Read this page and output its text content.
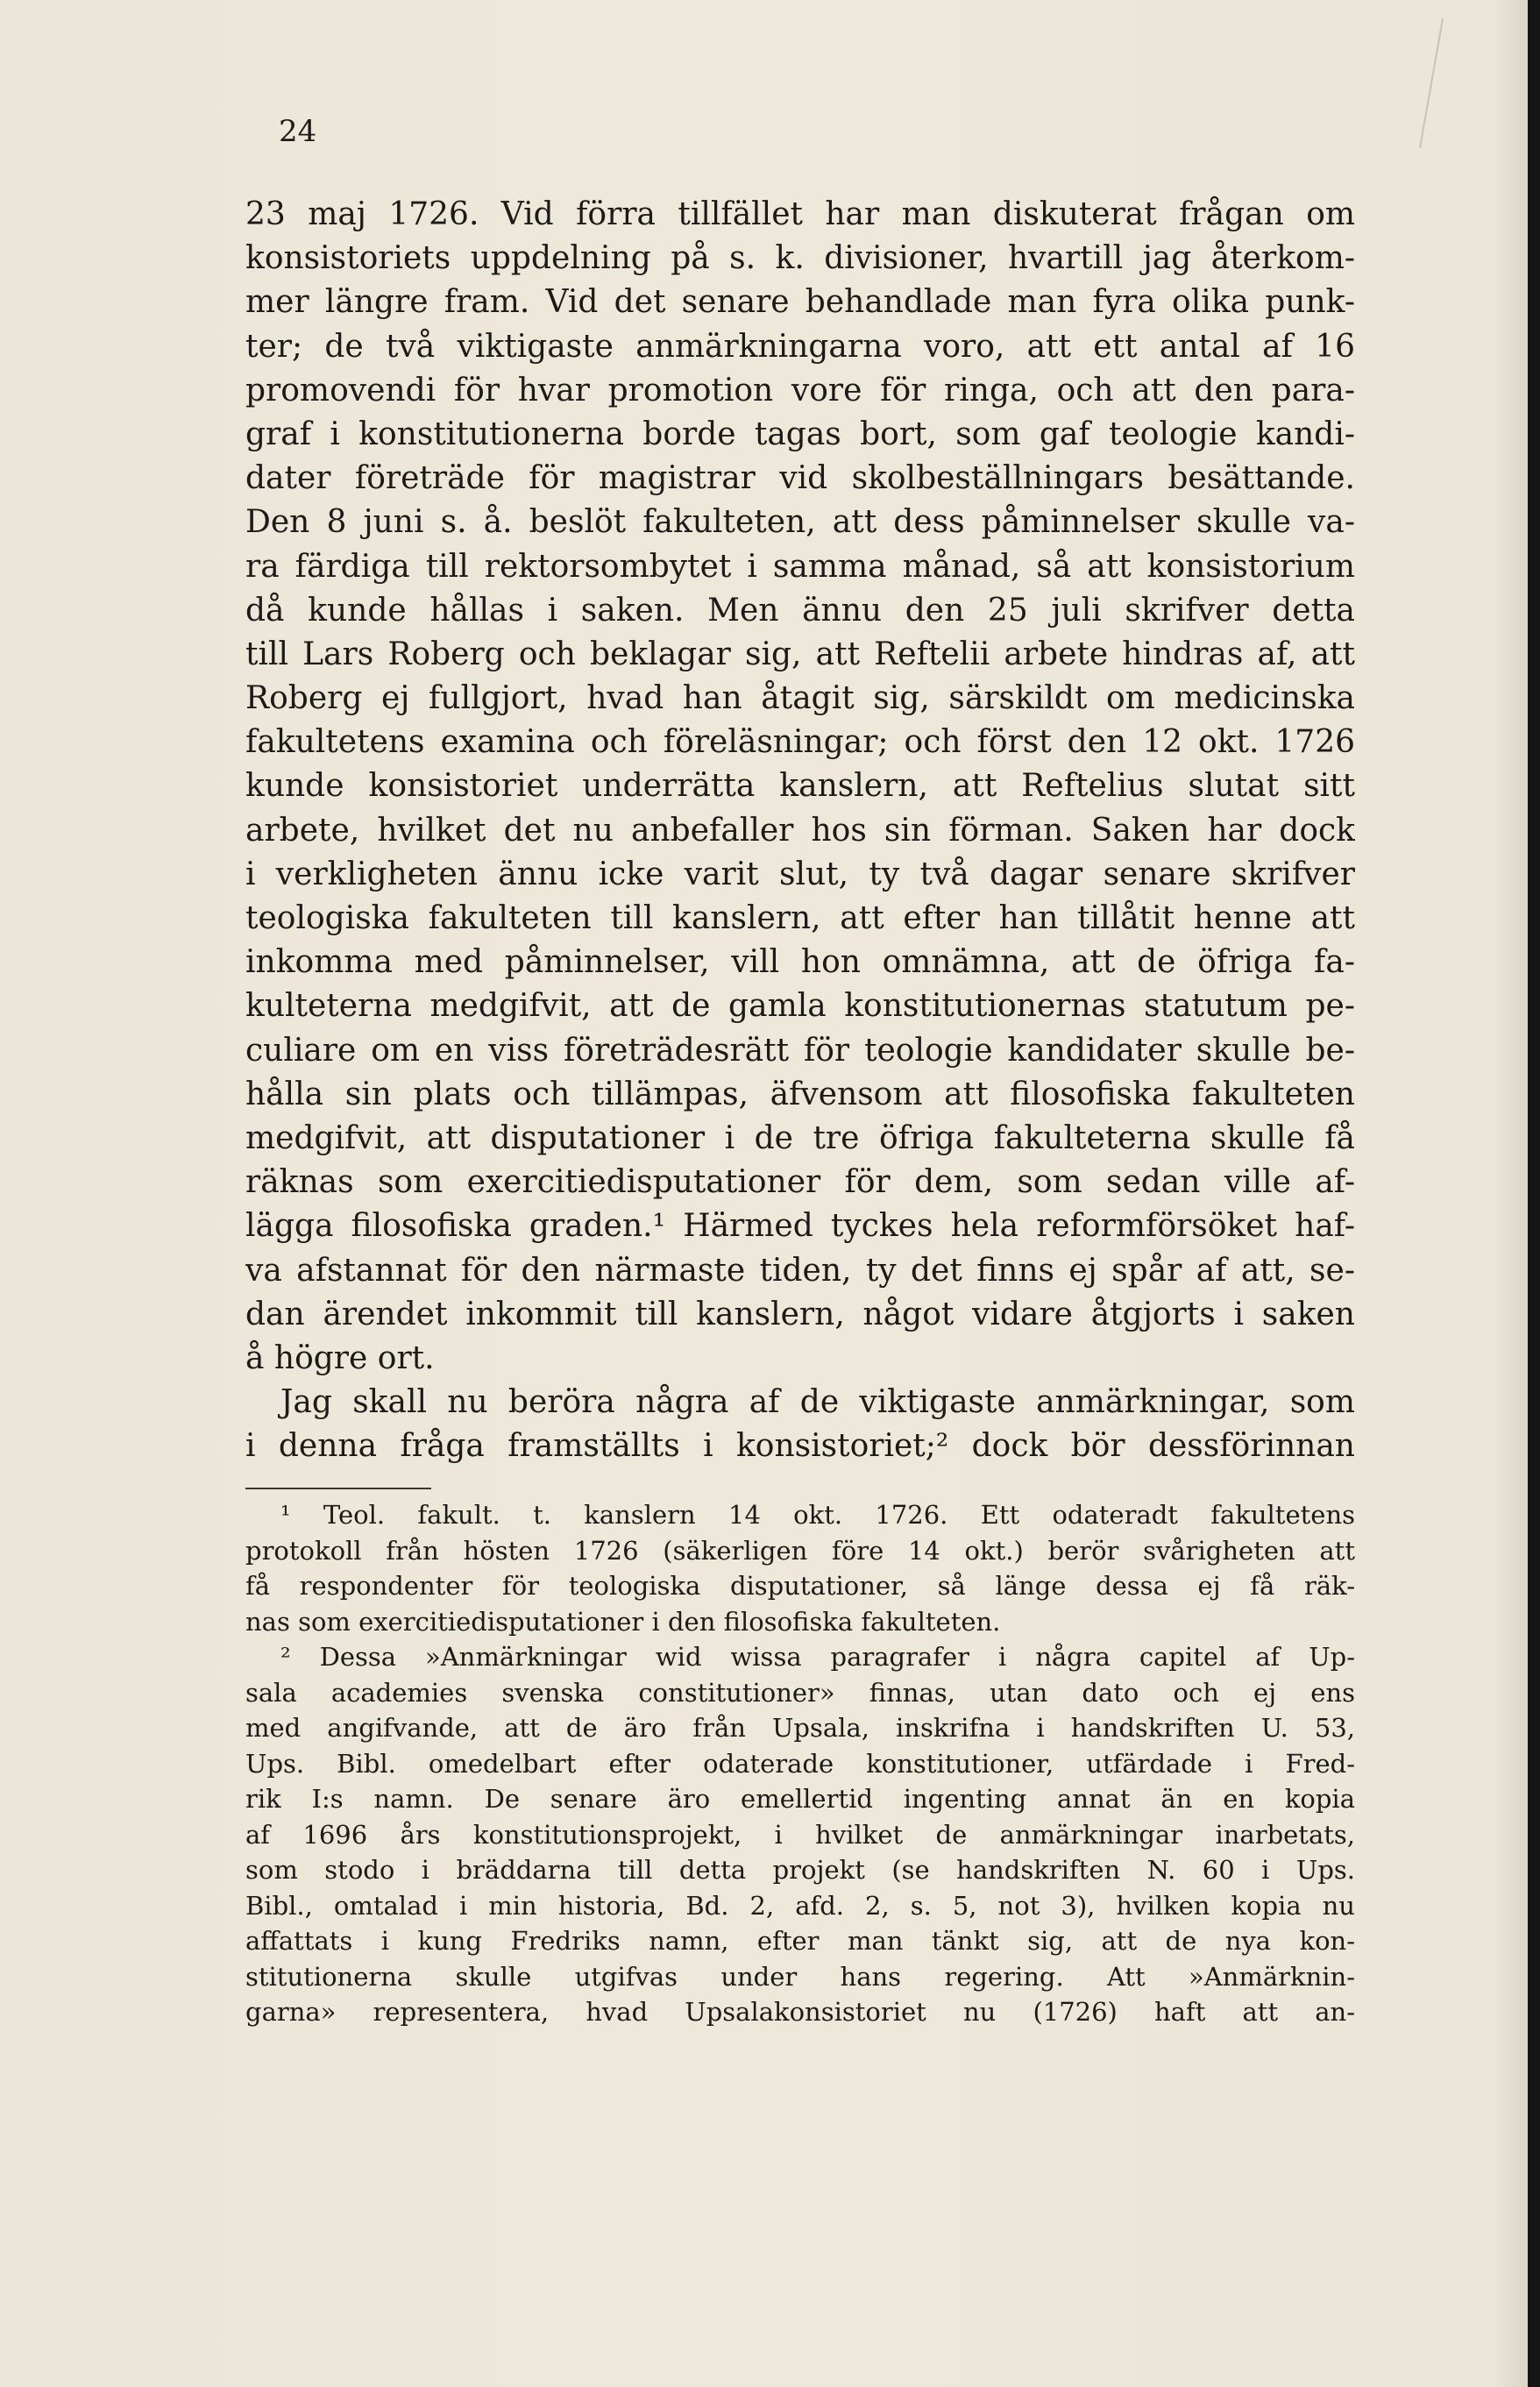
24
23 maj 1726. Vid förra tillfället har man diskuterat frågan om
konsistoriets uppdelning på s. k. divisioner, hvartill jag återkom-
mer längre fram. Vid det senare behandlade man fyra olika punk-
ter; de två viktigaste anmärkningarna voro, att ett antal af 16
promovendi för hvar promotion vore för ringa, och att den para-
graf i konstitutionerna borde tagas bort, som gaf teologie kandi-
dater företräde för magistrar vid skolbeställningars besättande.
Den 8 juni s. å. beslöt fakulteten, att dess påminnelser skulle va-
ra färdiga till rektorsombytet i samma månad, så att konsistorium
då kunde hållas i saken. Men ännu den 25 juli skrifver detta
till Lars Roberg och beklagar sig, att Reftelii arbete hindras af, att
Roberg ej fullgjort, hvad han åtagit sig, särskildt om medicinska
fakultetens examina och föreläsningar; och först den 12 okt. 1726
kunde konsistoriet underrätta kanslern, att Reftelius slutat sitt
arbete, hvilket det nu anbefaller hos sin förman. Saken har dock
i verkligheten ännu icke varit slut, ty två dagar senare skrifver
teologiska fakulteten till kanslern, att efter han tillåtit henne att
inkomma med påminnelser, vill hon omnämna, att de öfriga fa-
kulteterna medgifvit, att de gamla konstitutionernas statutum pe-
culiare om en viss företrädesrätt för teologie kandidater skulle be-
hålla sin plats och tillämpas, äfvensom att filosofiska fakulteten
medgifvit, att disputationer i de tre öfriga fakulteterna skulle få
räknas som exercitiedisputationer för dem, som sedan ville af-
lägga filosofiska graden.¹ Härmed tyckes hela reformförsöket haf-
va afstannat för den närmaste tiden, ty det finns ej spår af att, se-
dan ärendet inkommit till kanslern, något vidare åtgjorts i saken
å högre ort.
Jag skall nu beröra några af de viktigaste anmärkningar, som
i denna fråga framställts i konsistoriet;² dock bör dessförinnan
¹ Teol. fakult. t. kanslern 14 okt. 1726. Ett odateradt fakultetens
protokoll från hösten 1726 (säkerligen före 14 okt.) berör svårigheten att
få respondenter för teologiska disputationer, så länge dessa ej få räk-
nas som exercitiedisputationer i den filosofiska fakulteten.
² Dessa »Anmärkningar wid wissa paragrafer i några capitel af Up-
sala academies svenska constitutioner» finnas, utan dato och ej ens
med angifvande, att de äro från Upsala, inskrifna i handskriften U. 53,
Ups. Bibl. omedelbart efter odaterade konstitutioner, utfärdade i Fred-
rik I:s namn. De senare äro emellertid ingenting annat än en kopia
af 1696 års konstitutionsprojekt, i hvilket de anmärkningar inarbetats,
som stodo i bräddarna till detta projekt (se handskriften N. 60 i Ups.
Bibl., omtalad i min historia, Bd. 2, afd. 2, s. 5, not 3), hvilken kopia nu
affattats i kung Fredriks namn, efter man tänkt sig, att de nya kon-
stitutionerna skulle utgifvas under hans regering. Att »Anmärknin-
garna» representera, hvad Upsalakonsistoriet nu (1726) haft att an-
